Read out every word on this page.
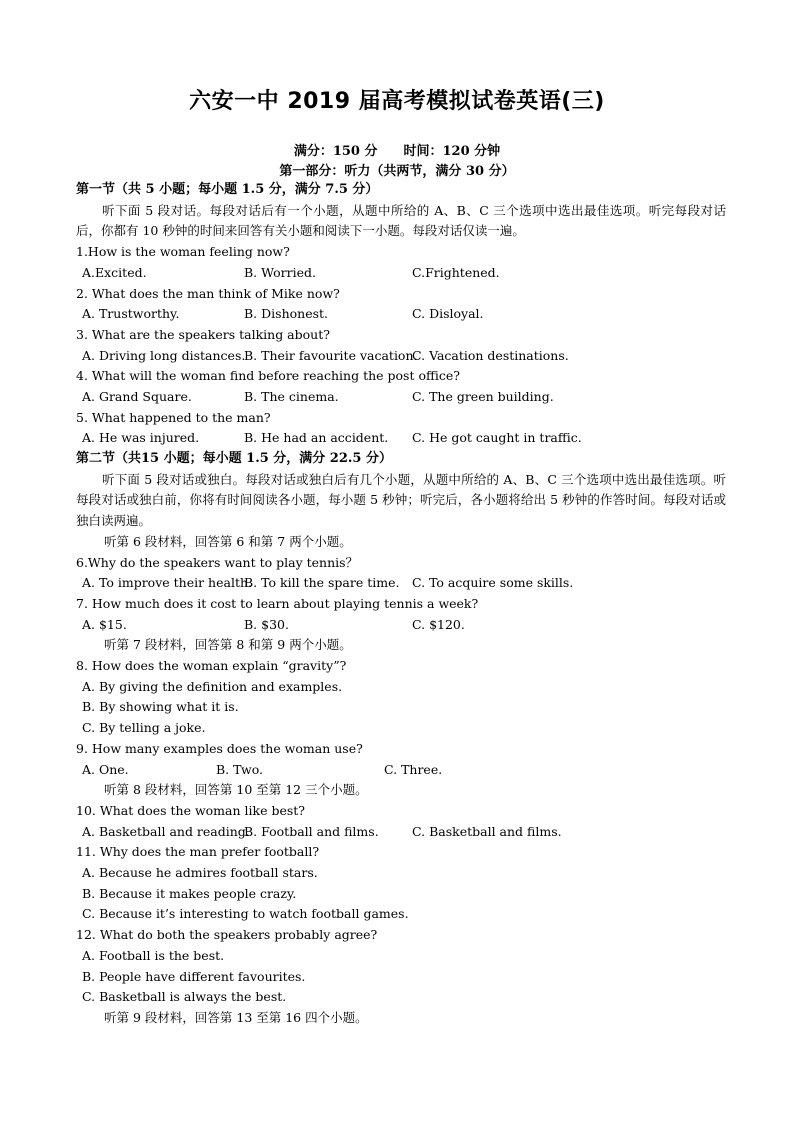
六安一中 2019 届高考模拟试卷英语(三)
满分：150 分 时间：120 分钟
第一部分：听力（共两节，满分 30 分）
第一节（共 5 小题；每小题 1.5 分，满分 7.5 分）
听下面 5 段对话。每段对话后有一个小题，从题中所给的 A、B、C 三个选项中选出最佳选项。听完每段对话后，你都有 10 秒钟的时间来回答有关小题和阅读下一小题。每段对话仅读一遍。
1.How is the woman feeling now?
A.Excited.	B. Worried.	C.Frightened.
2. What does the man think of Mike now?
A. Trustworthy.	B. Dishonest.	C. Disloyal.
3. What are the speakers talking about?
A. Driving long distances.
B. Their favourite vacation.
C. Vacation destinations.
4. What will the woman find before reaching the post office?
A. Grand Square.	B. The cinema.	C. The green building.
5. What happened to the man?
A. He was injured.	B. He had an accident. C. He got caught in traffic.
第二节（共15 小题；每小题 1.5 分，满分 22.5 分）
听下面 5 段对话或独白。每段对话或独白后有几个小题，从题中所给的 A、B、C 三个选项中选出最佳选项。听每段对话或独白前，你将有时间阅读各小题，每小题 5 秒钟；听完后，各小题将给出 5 秒钟的作答时间。每段对话或独白读两遍。
听第 6 段材料，回答第 6 和第 7 两个小题。
6.Why do the speakers want to play tennis？
A. To improve their health.
B. To kill the spare time. C. To acquire some skills.
7. How much does it cost to learn about playing tennis a week?
A. $15.	B. $30.	C. $120.
听第 7 段材料，回答第 8 和第 9 两个小题。
8. How does the woman explain “gravity”?
A. By giving the definition and examples.
B. By showing what it is.
C. By telling a joke.
9. How many examples does the woman use?
A. One.	B. Two.	C. Three.
听第 8 段材料，回答第 10 至第 12 三个小题。
10. What does the woman like best?
A. Basketball and reading.
B. Football and films.	C. Basketball and films.
11. Why does the man prefer football?
A. Because he admires football stars.
B. Because it makes people crazy.
C. Because it’s interesting to watch football games.
12. What do both the speakers probably agree?
A. Football is the best.
B. People have different favourites.
C. Basketball is always the best.
听第 9 段材料，回答第 13 至第 16 四个小题。
